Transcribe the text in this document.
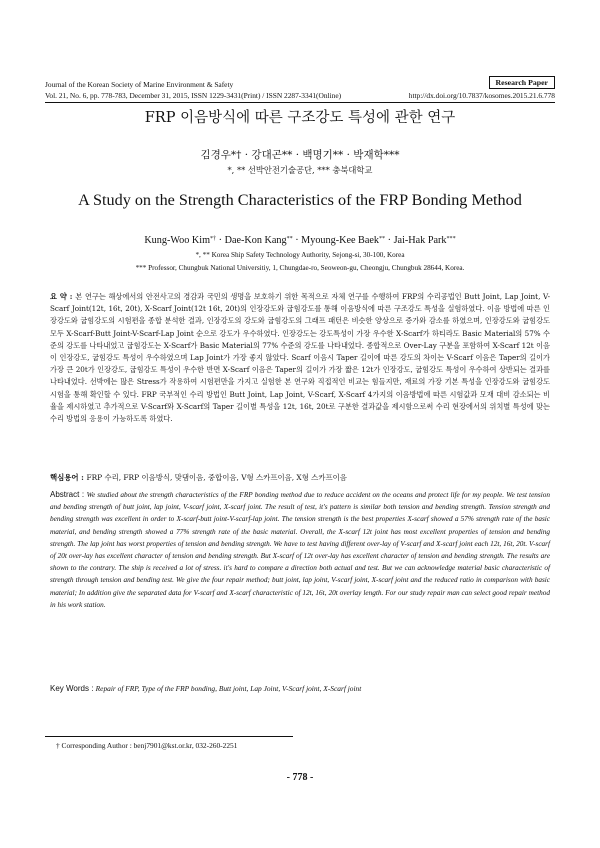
Journal of the Korean Society of Marine Environment & Safety	Research Paper
Vol. 21, No. 6, pp. 778-783, December 31, 2015, ISSN 1229-3431(Print) / ISSN 2287-3341(Online)	http://dx.doi.org/10.7837/kosomes.2015.21.6.778
FRP 이음방식에 따른 구조강도 특성에 관한 연구
김경우*† · 강대곤** · 백명기** · 박재학***
*, ** 선박안전기술공단, *** 충북대학교
A Study on the Strength Characteristics of the FRP Bonding Method
Kung-Woo Kim*† · Dae-Kon Kang** · Myoung-Kee Baek** · Jai-Hak Park***
*, ** Korea Ship Safety Technology Authority, Sejong-si, 30-100, Korea
*** Professor, Chungbuk National Universitiy, 1, Chungdae-ro, Seoweon-gu, Cheongju, Chungbuk 28644, Korea.
요 약 : 본 연구는 해상에서의 안전사고의 경감과 국민의 생명을 보호하기 위한 목적으로 자체 연구를 수행하여 FRP의 수리공법인 Butt Joint, Lap Joint, V-Scarf Joint(12t, 16t, 20t), X-Scarf Joint(12t 16t, 20t)의 인장강도와 굽힘강도를 통해 이음방식에 따른 구조강도 특성을 실험하였다. 이음 방법에 따른 인장강도와 굽힘강도의 시험편을 종합 분석한 결과, 인장강도의 강도와 굽힘강도의 그래프 패턴은 비슷한 양상으로 증가와 감소를 하였으며, 인장강도와 굽힘강도 모두 X-Scarf-Butt Joint-V-Scarf-Lap Joint 순으로 강도가 우수하였다. 인장강도는 강도특성이 가장 우수한 X-Scarf가 하티라도 Basic Material의 57% 수준의 강도를 나타내었고 굽힘강도는 X-Scarf가 Basic Material의 77% 수준의 강도를 나타내었다. 종합적으로 Over-Lay 구분을 포함하여 X-Scarf 12t 이음이 인장강도, 굽힘강도 특성이 우수하였으며 Lap Joint가 가장 좋지 않았다. Scarf 이음시 Taper 길이에 따른 강도의 차이는 V-Scarf 이음은 Taper의 길이가 가장 큰 20t가 인장강도, 굽힘강도 특성이 우수한 반면 X-Scarf 이음은 Taper의 길이가 가장 짧은 12t가 인장강도, 굽힘강도 특성이 우수하여 상반되는 결과를 나타내었다. 선박에는 많은 Stress가 작용하여 시험편만을 가지고 실험한 본 연구와 직접적인 비교는 힘들지만, 재료의 가장 기본 특성을 인장강도와 굽힘강도 시험을 통해 확인할 수 있다. FRP 국부적인 수리 방법인 Butt Joint, Lap Joint, V-Scarf, X-Scarf 4가지의 이음방법에 따른 시험값과 모재 대비 감소되는 비율을 제시하였고 추가적으로 V-Scarf와 X-Scarf의 Taper 길이별 특성을 12t, 16t, 20t로 구분한 결과값을 제시함으로써 수리 현장에서의 위치별 특성에 맞는 수리 방법의 응용이 가능하도록 하였다.
핵심용어 : FRP 수리, FRP 이음방식, 맞댐이음, 중합이음, V형 스카프이음, X형 스카프이음
Abstract : We studied about the strength characteristics of the FRP bonding method due to reduce accident on the oceans and protect life for my people. We test tension and bending strength of butt joint, lap joint, V-scarf joint, X-scarf joint. The result of test, it's pattern is similar both tension and bending strength. Tension strength and bending strength was excellent in order to X-scarf-butt joint-V-scarf-lap joint. The tension strength is the best properties X-scarf showed a 57% strength rate of the basic material, and bending strength showed a 77% strength rate of the basic material. Overall, the X-scarf 12t joint has most excellent properties of tension and bending strength. The lap joint has worst properties of tension and bending strength. We have to test having different over-lay of V-scarf and X-scarf joint each 12t, 16t, 20t. V-scarf of 20t over-lay has excellent character of tension and bending strength. But X-scarf of 12t over-lay has excellent character of tension and bending strength. The results are shown to the contrary. The ship is received a lot of stress. it's hard to compare a direction both actual and test. But we can acknowledge material basic characteristic of strength through tension and bending test. We give the four repair method; butt joint, lap joint, V-scarf joint, X-scarf joint and the reduced ratio in comparison with basic material; In addition give the separated data for V-scarf and X-scarf characteristic of 12t, 16t, 20t overlay length. For our study repair man can select good repair method in his work station.
Key Words : Repair of FRP, Type of the FRP bonding, Butt joint, Lap Joint, V-Scarf joint, X-Scarf joint
† Corresponding Author : benj7901@kst.or.kr, 032-260-2251
- 778 -
